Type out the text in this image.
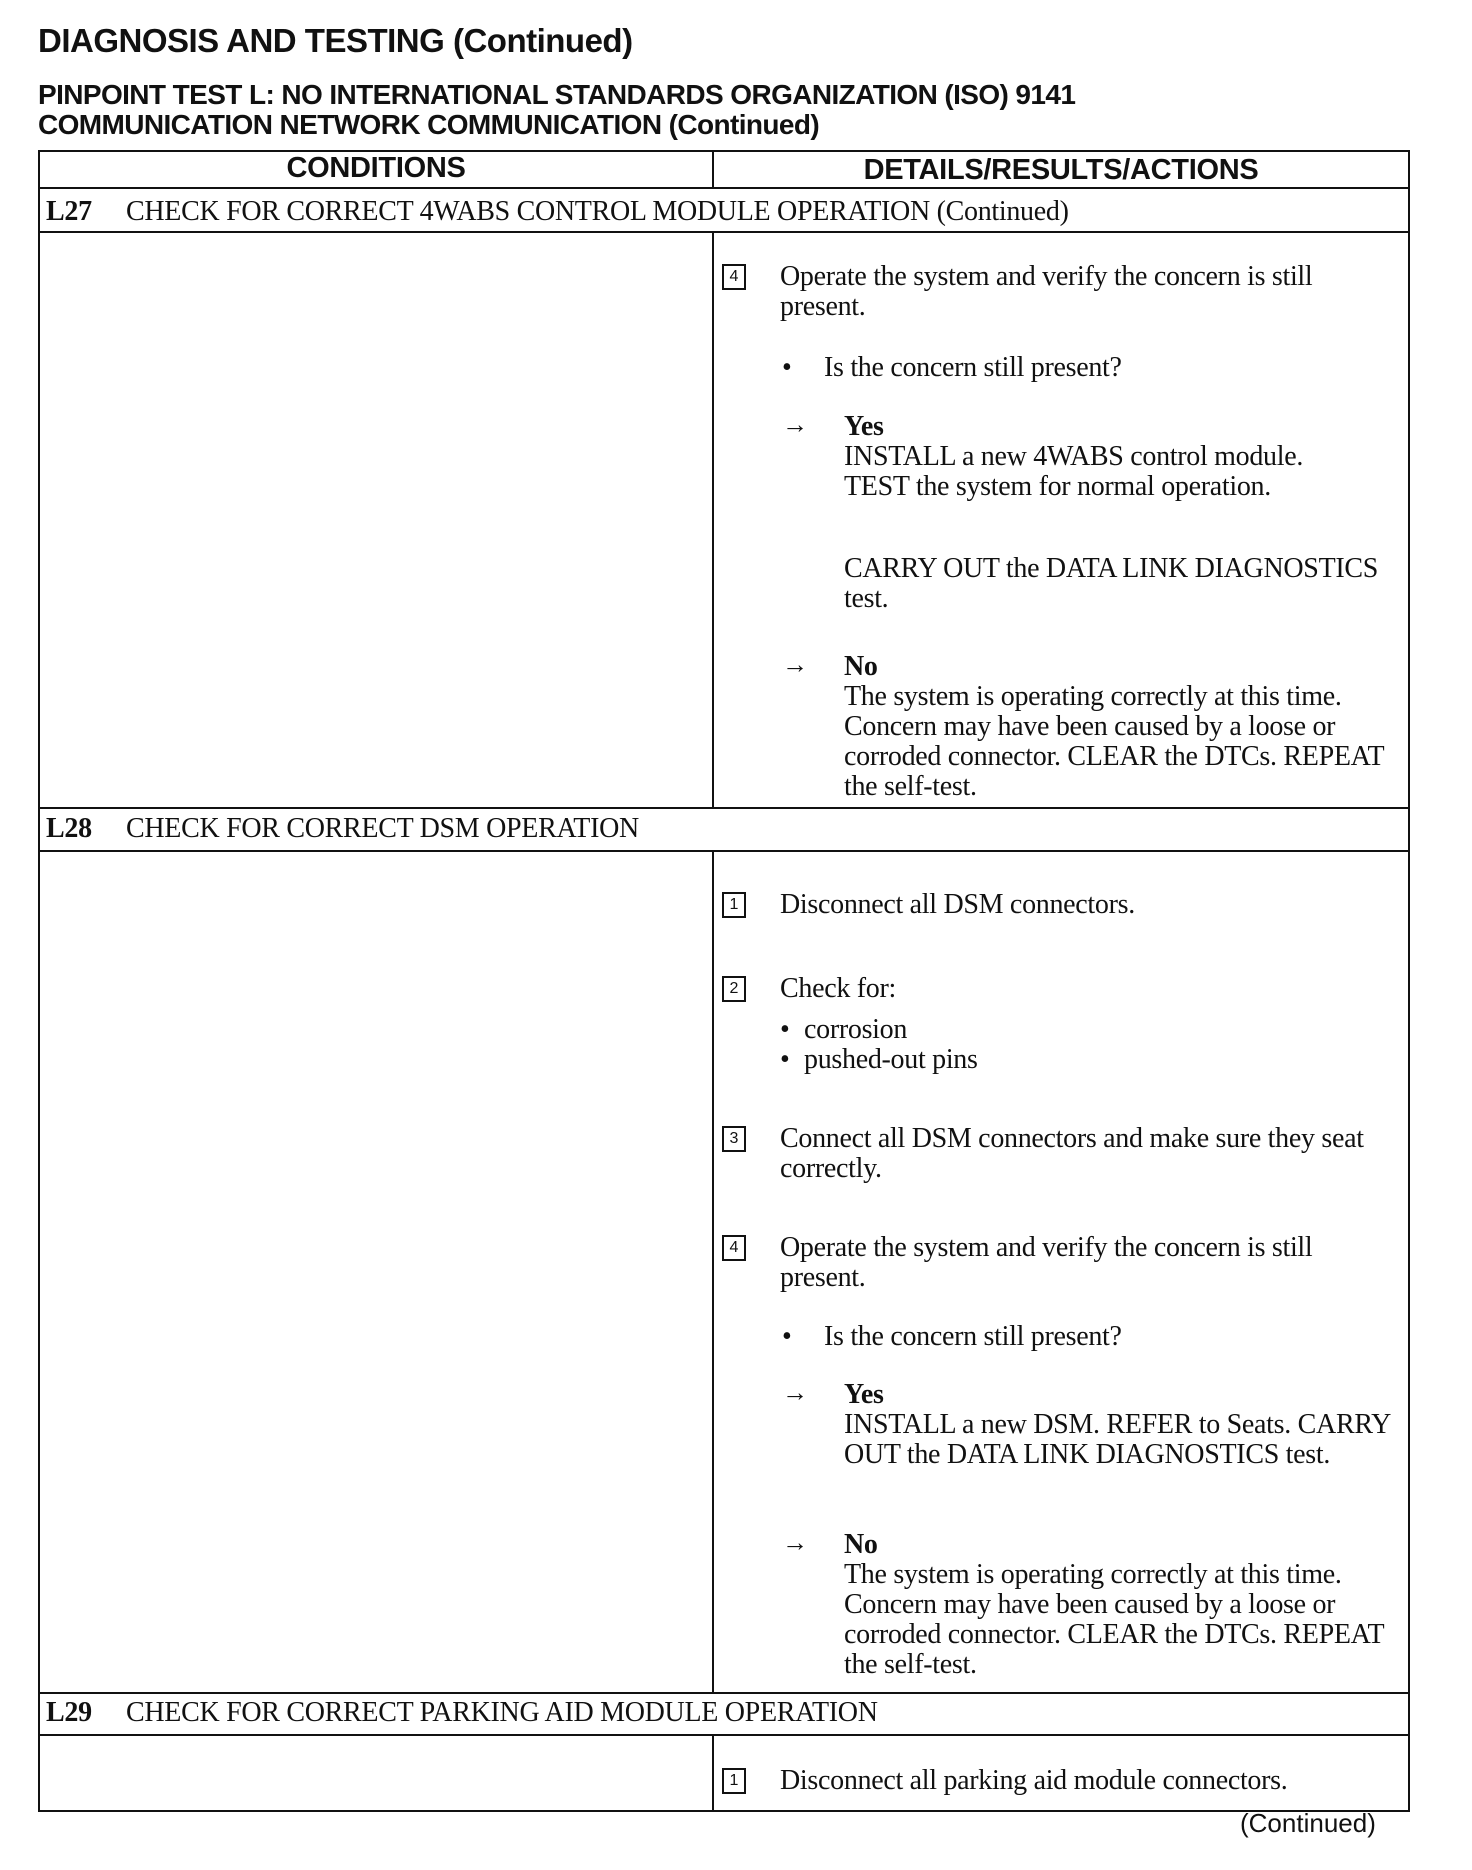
DIAGNOSIS AND TESTING (Continued)
PINPOINT TEST L: NO INTERNATIONAL STANDARDS ORGANIZATION (ISO) 9141
COMMUNICATION NETWORK COMMUNICATION (Continued)
CONDITIONS	DETAILS/RESULTS/ACTIONS
L27 CHECK FOR CORRECT 4WABS CONTROL MODULE OPERATION (Continued)
4 Operate the system and verify the concern is still present.
• Is the concern still present?
→ Yes
INSTALL a new 4WABS control module.
TEST the system for normal operation.
CARRY OUT the DATA LINK DIAGNOSTICS test.
→ No
The system is operating correctly at this time. Concern may have been caused by a loose or corroded connector. CLEAR the DTCs. REPEAT the self-test.
L28 CHECK FOR CORRECT DSM OPERATION
1 Disconnect all DSM connectors.
2 Check for:
• corrosion
• pushed-out pins
3 Connect all DSM connectors and make sure they seat correctly.
4 Operate the system and verify the concern is still present.
• Is the concern still present?
→ Yes
INSTALL a new DSM. REFER to Seats. CARRY OUT the DATA LINK DIAGNOSTICS test.
→ No
The system is operating correctly at this time. Concern may have been caused by a loose or corroded connector. CLEAR the DTCs. REPEAT the self-test.
L29 CHECK FOR CORRECT PARKING AID MODULE OPERATION
1 Disconnect all parking aid module connectors.
(Continued)
